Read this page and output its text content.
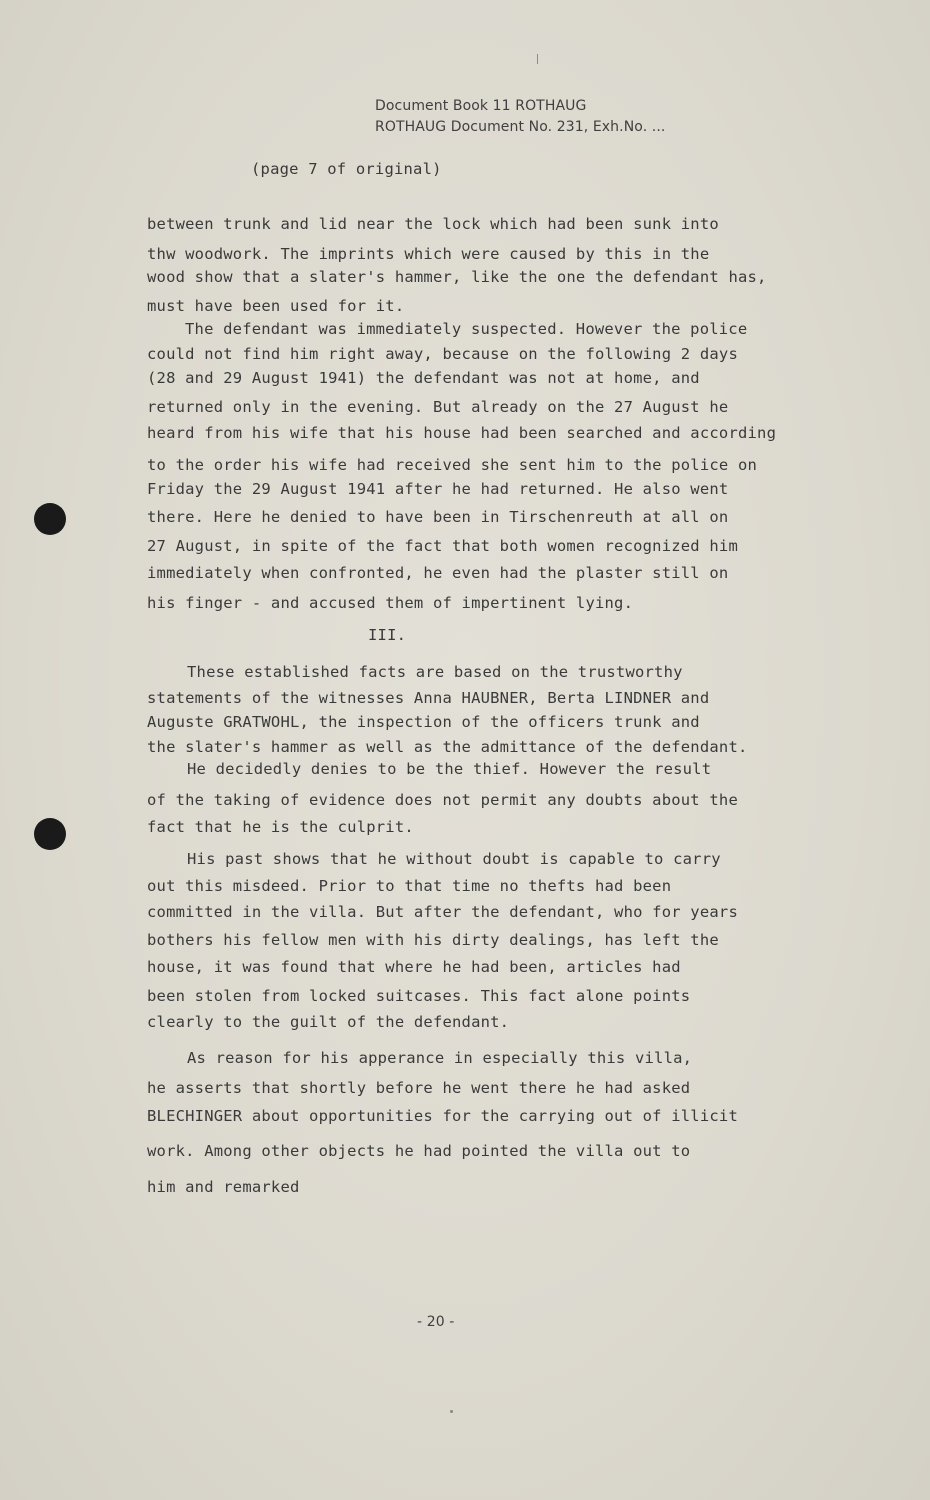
Document Book 11 ROTHAUG
ROTHAUG Document No. 231, Exh.No. ...
(page 7 of original)
between trunk and lid near the lock which had been sunk into
thw woodwork. The imprints which were caused by this in the
wood show that a slater's hammer, like the one the defendant has,
must have been used for it.
The defendant was immediately suspected. However the police
could not find him right away, because on the following 2 days
(28 and 29 August 1941) the defendant was not at home, and
returned only in the evening. But already on the 27 August he
heard from his wife that his house had been searched and according
to the order his wife had received she sent him to the police on
Friday the 29 August 1941 after he had returned. He also went
there. Here he denied to have been in Tirschenreuth at all on
27 August, in spite of the fact that both women recognized him
immediately when confronted, he even had the plaster still on
his finger - and accused them of impertinent lying.
III.
These established facts are based on the trustworthy
statements of the witnesses Anna HAUBNER, Berta LINDNER and
Auguste GRATWOHL, the inspection of the officers trunk and
the slater's hammer as well as the admittance of the defendant.
He decidedly denies to be the thief. However the result
of the taking of evidence does not permit any doubts about the
fact that he is the culprit.
His past shows that he without doubt is capable to carry
out this misdeed. Prior to that time no thefts had been
committed in the villa. But after the defendant, who for years
bothers his fellow men with his dirty dealings, has left the
house, it was found that where he had been, articles had
been stolen from locked suitcases. This fact alone points
clearly to the guilt of the defendant.
As reason for his apperance in especially this villa,
he asserts that shortly before he went there he had asked
BLECHINGER about opportunities for the carrying out of illicit
work. Among other objects he had pointed the villa out to
him and remarked
- 20 -
